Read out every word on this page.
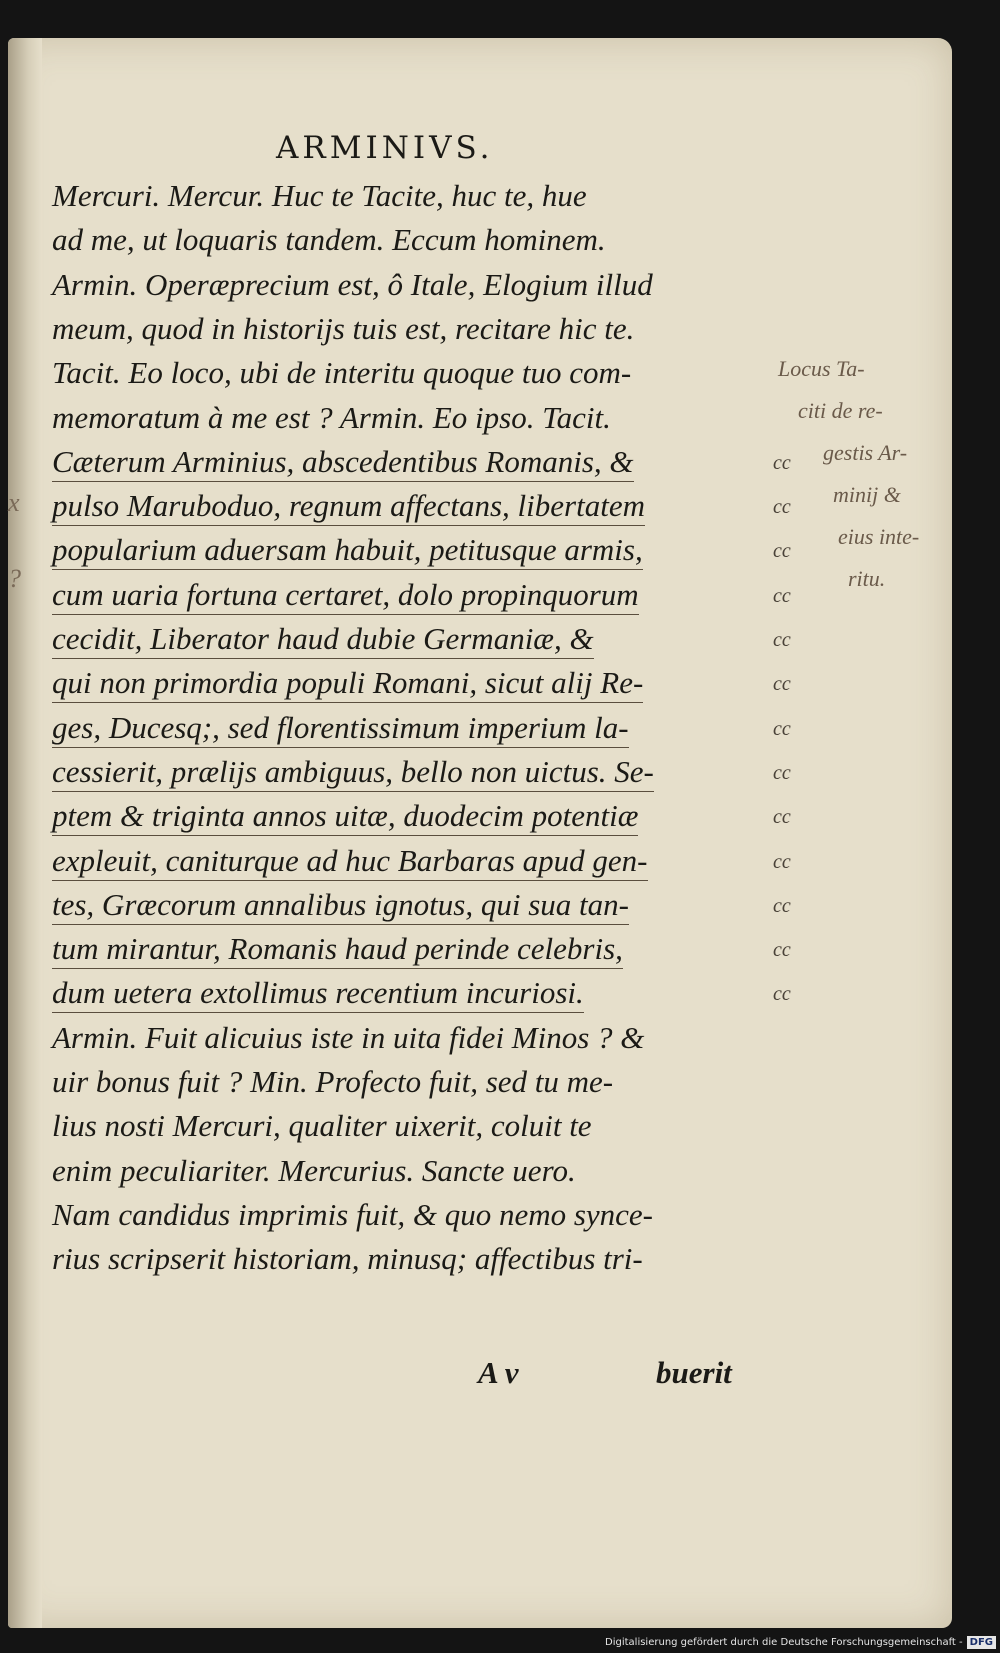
ARMINIVS.
Mercuri. Mercur. Huc te Tacite, huc te, hue
ad me, ut loquaris tandem. Eccum hominem.
Armin. Operæprecium est, ô Itale, Elogium illud
meum, quod in historijs tuis est, recitare hic te.
Tacit. Eo loco, ubi de interitu quoque tuo com-
memoratum à me est ? Armin. Eo ipso. Tacit.
Cæterum Arminius, abscedentibus Romanis, &
pulso Maruboduo, regnum affectans, libertatem
popularium aduersam habuit, petitusque armis,
cum uaria fortuna certaret, dolo propinquorum
cecidit, Liberator haud dubie Germaniæ, &
qui non primordia populi Romani, sicut alij Re-
ges, Ducesq;, sed florentissimum imperium la-
cessierit, prælijs ambiguus, bello non uictus. Se-
ptem & triginta annos uitæ, duodecim potentiæ
expleuit, caniturque ad huc Barbaras apud gen-
tes, Græcorum annalibus ignotus, qui sua tan-
tum mirantur, Romanis haud perinde celebris,
dum uetera extollimus recentium incuriosi.
Armin. Fuit alicuius iste in uita fidei Minos ? &
uir bonus fuit ? Min. Profecto fuit, sed tu me-
lius nosti Mercuri, qualiter uixerit, coluit te
enim peculiariter. Mercurius. Sancte uero.
Nam candidus imprimis fuit, & quo nemo synce-
rius scripserit historiam, minusq; affectibus tri-
cc
cc
cc
cc
cc
cc
cc
cc
cc
cc
cc
cc
cc
Locus Ta-
citi de re-
gestis Ar-
minij &
eius inte-
ritu.
x
?
A v	buerit
Digitalisierung gefördert durch die Deutsche Forschungsgemeinschaft - DFG
